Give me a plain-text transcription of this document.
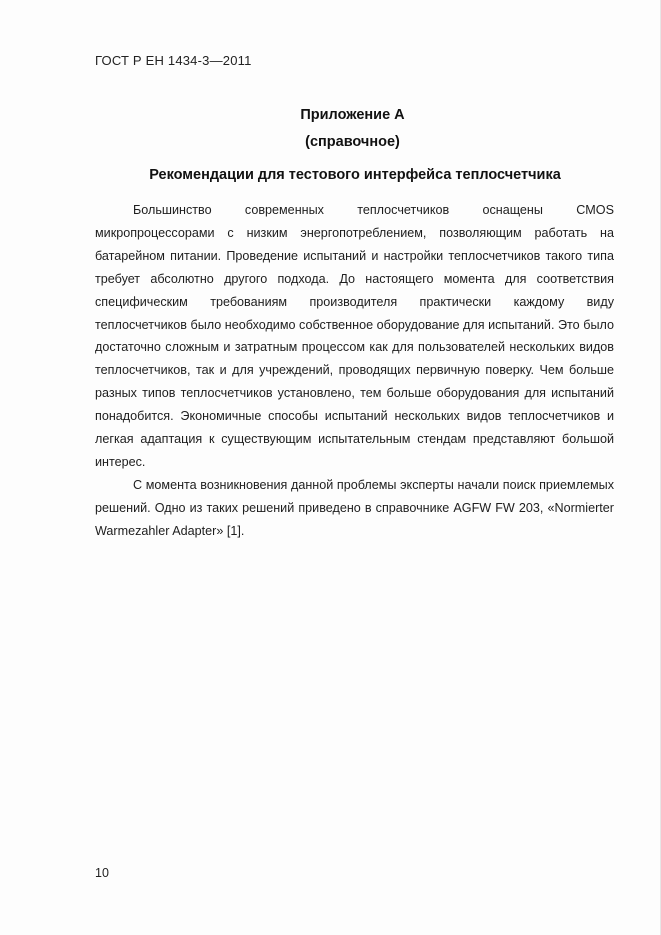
ГОСТ Р ЕН 1434-3—2011
Приложение А
(справочное)
Рекомендации для тестового интерфейса теплосчетчика

Большинство современных теплосчетчиков оснащены CMOS микропроцессорами с низким энергопотреблением, позволяющим работать на батарейном питании. Проведение испытаний и настройки теплосчетчиков такого типа требует абсолютно другого подхода. До настоящего момента для соответствия специфическим требованиям производителя практически каждому виду теплосчетчиков было необходимо собственное оборудование для испытаний. Это было достаточно сложным и затратным процессом как для пользователей нескольких видов теплосчетчиков, так и для учреждений, проводящих первичную поверку. Чем больше разных типов теплосчетчиков установлено, тем больше оборудования для испытаний понадобится. Экономичные способы испытаний нескольких видов теплосчетчиков и легкая адаптация к существующим испытательным стендам представляют большой интерес.

С момента возникновения данной проблемы эксперты начали поиск приемлемых решений. Одно из таких решений приведено в справочнике AGFW FW 203, «Normierter Warmezahler Adapter» [1].

10
